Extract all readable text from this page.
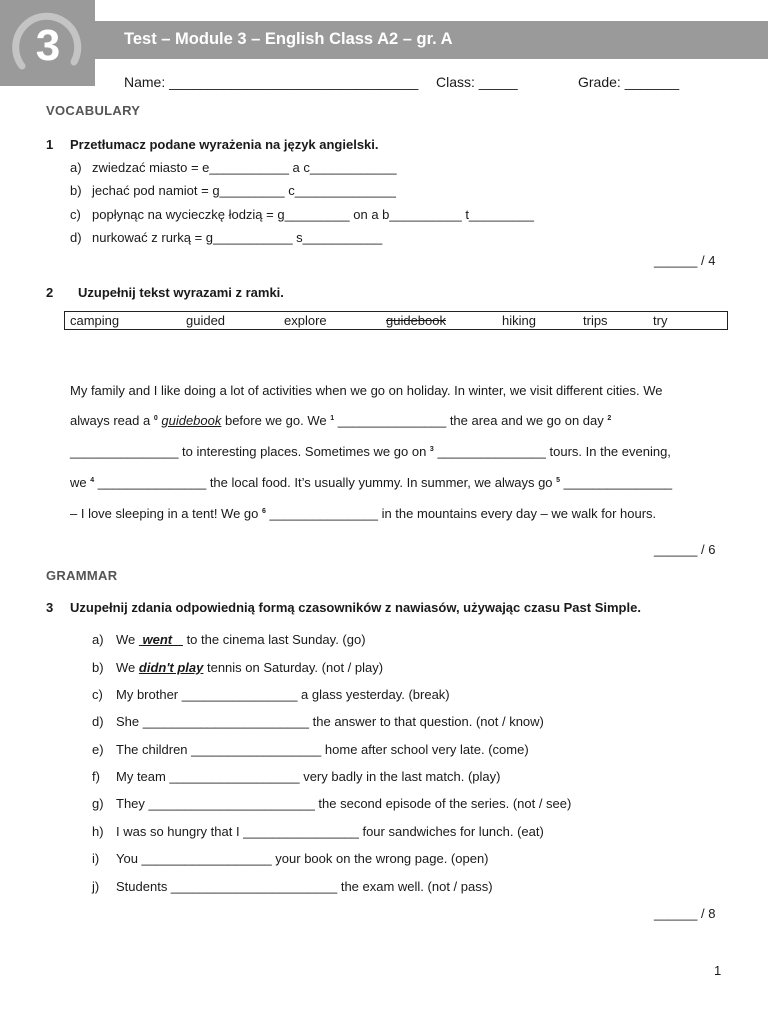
3	Test – Module 3 – English Class A2 – gr. A
Name: ________________________________ Class: _____	Grade: _______
VOCABULARY
1 Przetłumacz podane wyrażenia na język angielski.
a) zwiedzać miasto = e___________ a c____________
b) jechać pod namiot = g_________ c______________
c) popłynąc na wycieczkę łodzią = g_________ on a b__________ t_________
d) nurkować z rurką = g___________ s___________
______ / 4
2 Uzupełnij tekst wyrazami z ramki.
camping	guided	explore	guidebook	hiking	trips	try
My family and I like doing a lot of activities when we go on holiday. In winter, we visit different cities. We
always read a $^0$ guidebook before we go. We $^1$ _______________ the area and we go on day $^2$
_______________ to interesting places. Sometimes we go on $^3$ _______________ tours. In the evening,
we $^4$ _______________ the local food. It’s usually yummy. In summer, we always go $^5$ _______________
– I love sleeping in a tent! We go $^6$ _______________ in the mountains every day – we walk for hours.
______ / 6
GRAMMAR
3 Uzupełnij zdania odpowiednią formą czasowników z nawiasów, używając czasu Past Simple.
a) We  went    to the cinema last Sunday. (go)
b) We didn't play tennis on Saturday. (not / play)
c) My brother ________________ a glass yesterday. (break)
d) She _______________________ the answer to that question. (not / know)
e) The children __________________ home after school very late. (come)
f) My team __________________ very badly in the last match. (play)
g) They _______________________ the second episode of the series. (not / see)
h) I was so hungry that I ________________ four sandwiches for lunch. (eat)
i) You __________________ your book on the wrong page. (open)
j) Students _______________________ the exam well. (not / pass)
______ / 8
1
